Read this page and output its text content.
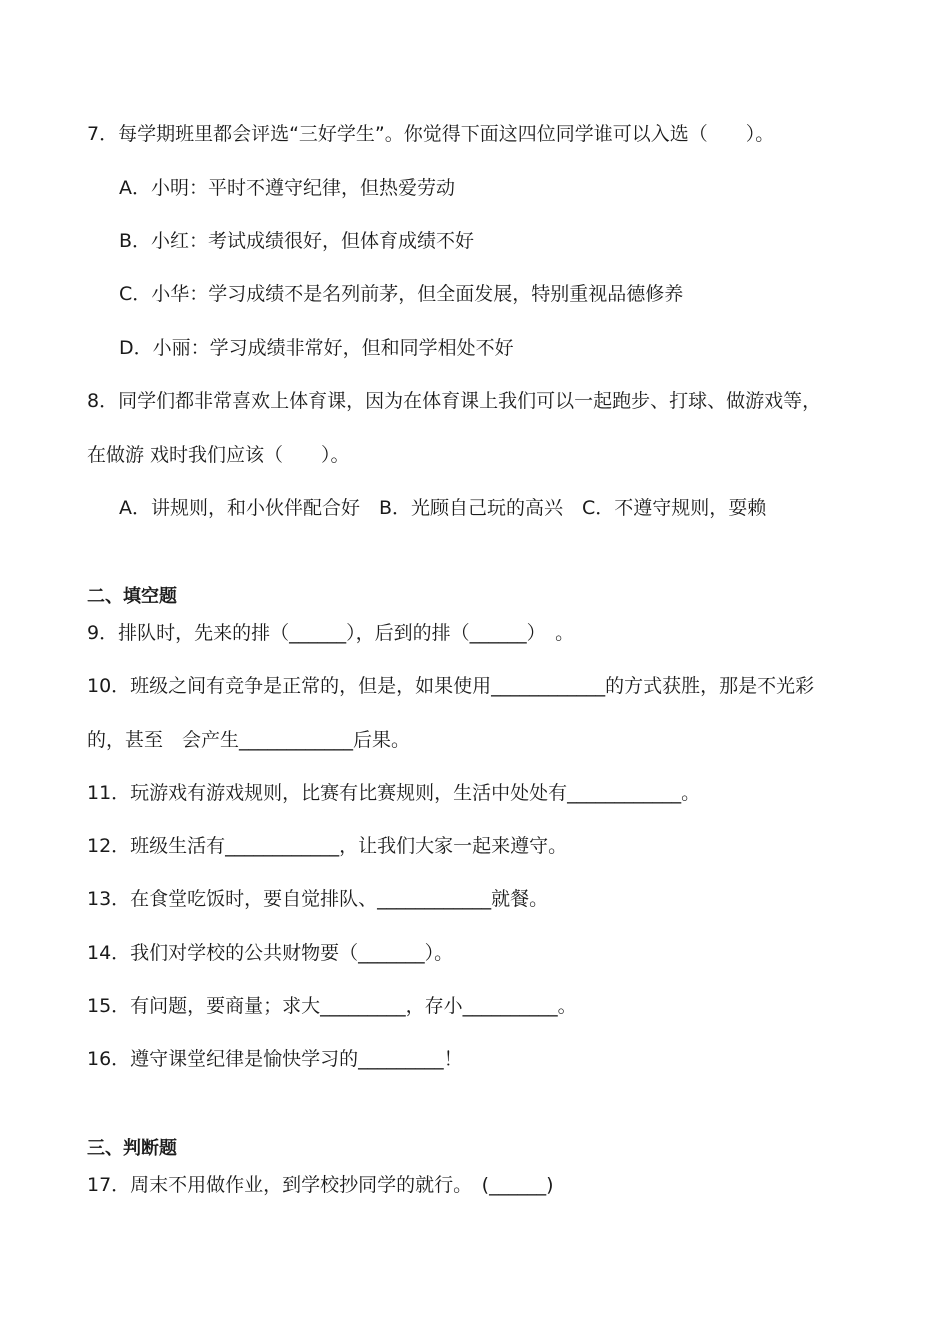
7．每学期班里都会评选“三好学生”。你觉得下面这四位同学谁可以入选（　　）。
A．小明：平时不遵守纪律，但热爱劳动
B．小红：考试成绩很好，但体育成绩不好
C．小华：学习成绩不是名列前茅，但全面发展，特别重视品德修养
D．小丽：学习成绩非常好，但和同学相处不好
8．同学们都非常喜欢上体育课，因为在体育课上我们可以一起跑步、打球、做游戏等，
在做游 戏时我们应该（　　）。
A．讲规则，和小伙伴配合好　B．光顾自己玩的高兴　C．不遵守规则，耍赖
二、填空题
9．排队时，先来的排（______），后到的排（______）　。
10．班级之间有竞争是正常的，但是，如果使用____________的方式获胜，那是不光彩
的，甚至　会产生____________后果。
11．玩游戏有游戏规则，比赛有比赛规则，生活中处处有____________。
12．班级生活有____________，让我们大家一起来遵守。
13．在食堂吃饭时，要自觉排队、____________就餐。
14．我们对学校的公共财物要（_______）。
15．有问题，要商量；求大_________，存小__________。
16．遵守课堂纪律是愉快学习的_________！
三、判断题
17．周末不用做作业，到学校抄同学的就行。　(______)
